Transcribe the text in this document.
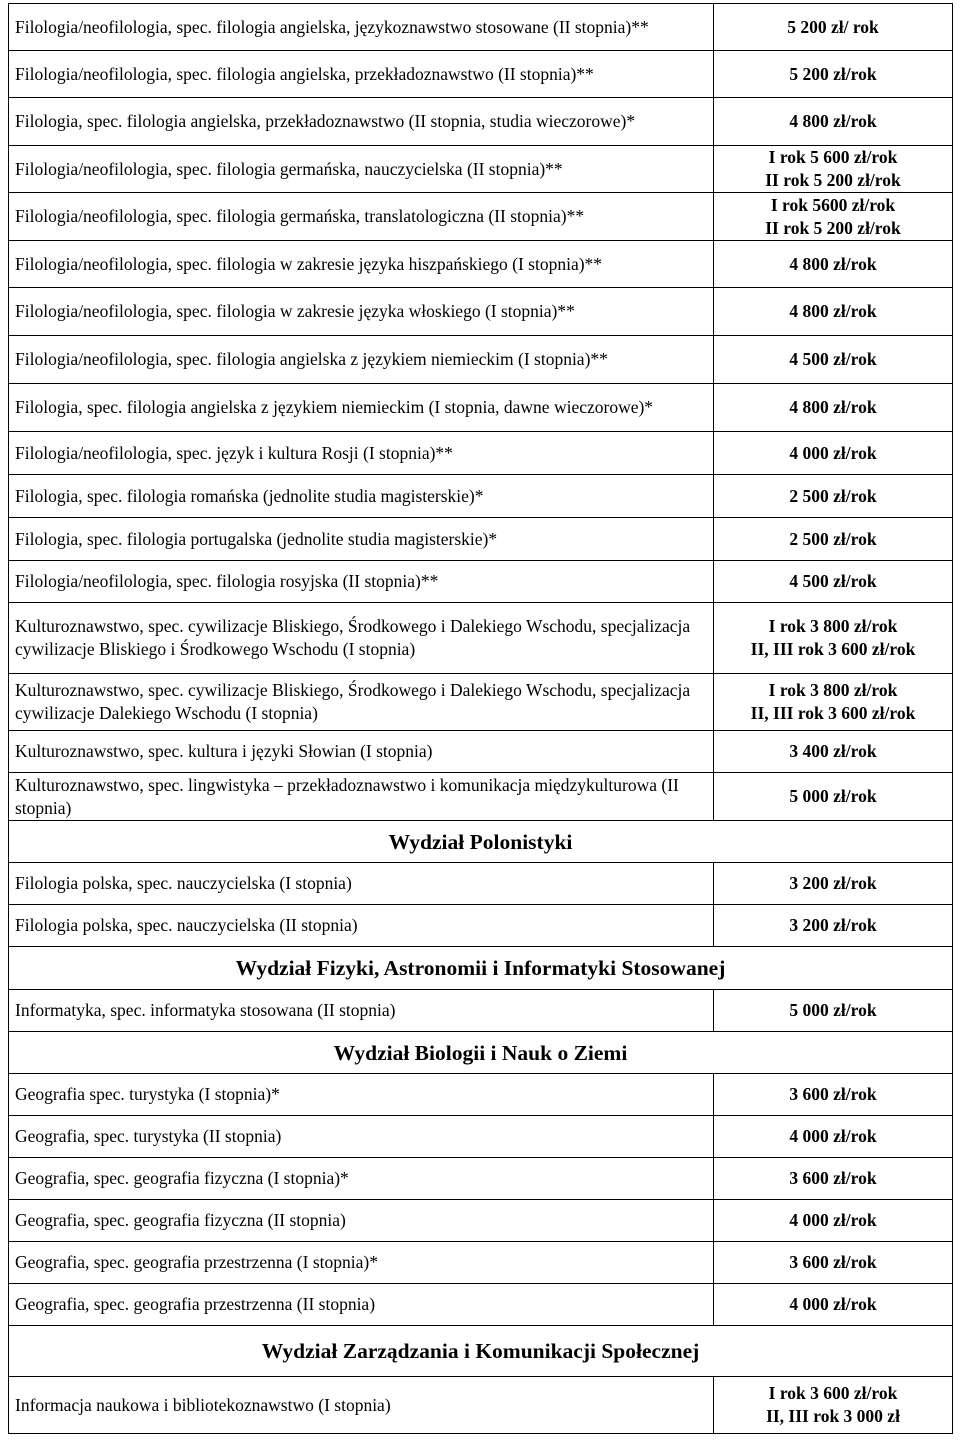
Filologia/neofilologia, spec. filologia angielska, językoznawstwo stosowane (II stopnia)**	5 200 zł/ rok

Filologia/neofilologia, spec. filologia angielska, przekładoznawstwo (II stopnia)**	5 200 zł/rok

Filologia, spec. filologia angielska, przekładoznawstwo (II stopnia, studia wieczorowe)*	4 800 zł/rok

Filologia/neofilologia, spec. filologia germańska, nauczycielska (II stopnia)**	I rok 5 600 zł/rok
II rok 5 200 zł/rok

Filologia/neofilologia, spec. filologia germańska, translatologiczna (II stopnia)**	I rok 5600 zł/rok
II rok 5 200 zł/rok

Filologia/neofilologia, spec. filologia w zakresie języka hiszpańskiego (I stopnia)**	4 800 zł/rok

Filologia/neofilologia, spec. filologia w zakresie języka włoskiego (I stopnia)**	4 800 zł/rok

Filologia/neofilologia, spec. filologia angielska z językiem niemieckim (I stopnia)**	4 500 zł/rok

Filologia, spec. filologia angielska z językiem niemieckim (I stopnia, dawne wieczorowe)*	4 800 zł/rok

Filologia/neofilologia, spec. język i kultura Rosji (I stopnia)**	4 000 zł/rok

Filologia, spec. filologia romańska (jednolite studia magisterskie)*	2 500 zł/rok

Filologia, spec. filologia portugalska (jednolite studia magisterskie)*	2 500 zł/rok

Filologia/neofilologia, spec. filologia rosyjska (II stopnia)**	4 500 zł/rok

Kulturoznawstwo, spec. cywilizacje Bliskiego, Środkowego i Dalekiego Wschodu, specjalizacja cywilizacje Bliskiego i Środkowego Wschodu (I stopnia)	I rok 3 800 zł/rok
II, III rok 3 600 zł/rok

Kulturoznawstwo, spec. cywilizacje Bliskiego, Środkowego i Dalekiego Wschodu, specjalizacja cywilizacje Dalekiego Wschodu (I stopnia)	I rok 3 800 zł/rok
II, III rok 3 600 zł/rok

Kulturoznawstwo, spec. kultura i języki Słowian (I stopnia)	3 400 zł/rok

Kulturoznawstwo, spec. lingwistyka – przekładoznawstwo i komunikacja międzykulturowa (II stopnia)	5 000 zł/rok

Wydział Polonistyki	
Filologia polska, spec. nauczycielska (I stopnia)	3 200 zł/rok

Filologia polska, spec. nauczycielska (II stopnia)	3 200 zł/rok

Wydział Fizyki, Astronomii i Informatyki Stosowanej	
Informatyka, spec. informatyka stosowana (II stopnia)	5 000 zł/rok

Wydział Biologii i Nauk o Ziemi	
Geografia spec. turystyka (I stopnia)*	3 600 zł/rok

Geografia, spec. turystyka (II stopnia)	4 000 zł/rok

Geografia, spec. geografia fizyczna (I stopnia)*	3 600 zł/rok

Geografia, spec. geografia fizyczna (II stopnia)	4 000 zł/rok

Geografia, spec. geografia przestrzenna (I stopnia)*	3 600 zł/rok

Geografia, spec. geografia przestrzenna (II stopnia)	4 000 zł/rok

Wydział Zarządzania i Komunikacji Społecznej	
Informacja naukowa i bibliotekoznawstwo (I stopnia)	I rok 3 600 zł/rok
II, III rok 3 000 zł
